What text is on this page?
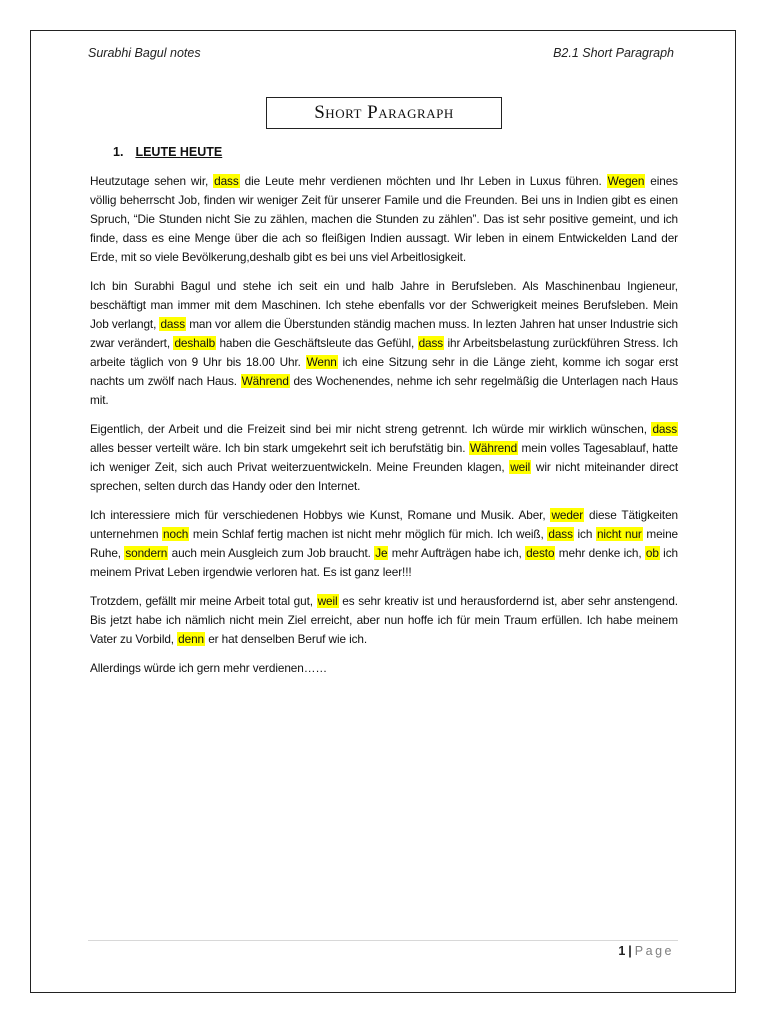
Surabhi Bagul notes	B2.1 Short Paragraph
Short Paragraph
1. LEUTE HEUTE

Heutzutage sehen wir, dass die Leute mehr verdienen möchten und Ihr Leben in Luxus führen. Wegen eines völlig beherrscht Job, finden wir weniger Zeit für unserer Famile und die Freunden. Bei uns in Indien gibt es einen Spruch, “Die Stunden nicht Sie zu zählen, machen die Stunden zu zählen”. Das ist sehr positive gemeint, und ich finde, dass es eine Menge über die ach so fleißigen Indien aussagt. Wir leben in einem Entwickelden Land der Erde, mit so viele Bevölkerung,deshalb gibt es bei uns viel Arbeitlosigkeit.

Ich bin Surabhi Bagul und stehe ich seit ein und halb Jahre in Berufsleben. Als Maschinenbau Ingieneur, beschäftigt man immer mit dem Maschinen. Ich stehe ebenfalls vor der Schwerigkeit meines Berufsleben. Mein Job verlangt, dass man vor allem die Überstunden ständig machen muss. In lezten Jahren hat unser Industrie sich zwar verändert, deshalb haben die Geschäftsleute das Gefühl, dass ihr Arbeitsbelastung zurückführen Stress. Ich arbeite täglich von 9 Uhr bis 18.00 Uhr. Wenn ich eine Sitzung sehr in die Länge zieht, komme ich sogar erst nachts um zwölf nach Haus. Während des Wochenendes, nehme ich sehr regelmäßig die Unterlagen nach Haus mit.

Eigentlich, der Arbeit und die Freizeit sind bei mir nicht streng getrennt. Ich würde mir wirklich wünschen, dass alles besser verteilt wäre. Ich bin stark umgekehrt seit ich berufstätig bin. Während mein volles Tagesablauf, hatte ich weniger Zeit, sich auch Privat weiterzuentwickeln. Meine Freunden klagen, weil wir nicht miteinander direct sprechen, selten durch das Handy oder den Internet.

Ich interessiere mich für verschiedenen Hobbys wie Kunst, Romane und Musik. Aber, weder diese Tätigkeiten unternehmen noch mein Schlaf fertig machen ist nicht mehr möglich für mich. Ich weiß, dass ich nicht nur meine Ruhe, sondern auch mein Ausgleich zum Job braucht. Je mehr Aufträgen habe ich, desto mehr denke ich, ob ich meinem Privat Leben irgendwie verloren hat. Es ist ganz leer!!!

Trotzdem, gefällt mir meine Arbeit total gut, weil es sehr kreativ ist und herausfordernd ist, aber sehr anstengend. Bis jetzt habe ich nämlich nicht mein Ziel erreicht, aber nun hoffe ich für mein Traum erfüllen. Ich habe meinem Vater zu Vorbild, denn er hat denselben Beruf wie ich.

Allerdings würde ich gern mehr verdienen……

1 | Page
